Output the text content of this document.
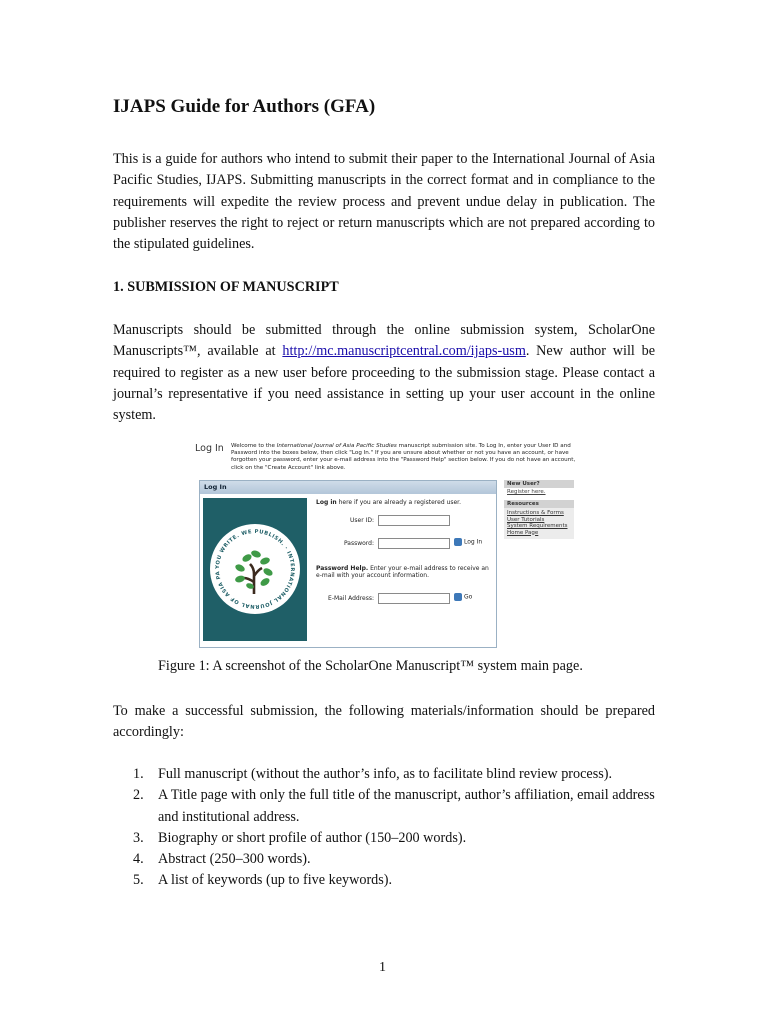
IJAPS Guide for Authors (GFA)

This is a guide for authors who intend to submit their paper to the International Journal of Asia Pacific Studies, IJAPS. Submitting manuscripts in the correct format and in compliance to the requirements will expedite the review process and prevent undue delay in publication. The publisher reserves the right to reject or return manuscripts which are not prepared according to the stipulated guidelines.

1. SUBMISSION OF MANUSCRIPT

Manuscripts should be submitted through the online submission system, ScholarOne Manuscripts™, available at http://mc.manuscriptcentral.com/ijaps-usm. New author will be required to register as a new user before proceeding to the submission stage. Please contact a journal’s representative if you need assistance in setting up your user account in the online system.

Log In Welcome to the International Journal of Asia Pacific Studies manuscript submission site. To Log In, enter your User ID and Password into the boxes below, then click "Log In." If you are unsure about whether or not you have an account, or have forgotten your password, enter your e-mail address into the "Password Help" section below. If you do not have an account, click on the "Create Account" link above.
Log In
YOU WRITE. WE PUBLISH. · INTERNATIONAL JOURNAL OF ASIA PA
Log in here if you are already a registered user.
User ID:
Password:	Log In
Password Help. Enter your e-mail address to receive an e-mail with your account information.
E-Mail Address:	Go
New User?
Register here.
Resources
Instructions & Forms
User Tutorials
System Requirements
Home Page

Figure 1: A screenshot of the ScholarOne Manuscript™ system main page.

To make a successful submission, the following materials/information should be prepared accordingly:

1. Full manuscript (without the author’s info, as to facilitate blind review process).
2. A Title page with only the full title of the manuscript, author’s affiliation, email address and institutional address.
3. Biography or short profile of author (150–200 words).
4. Abstract (250–300 words).
5. A list of keywords (up to five keywords).

1
